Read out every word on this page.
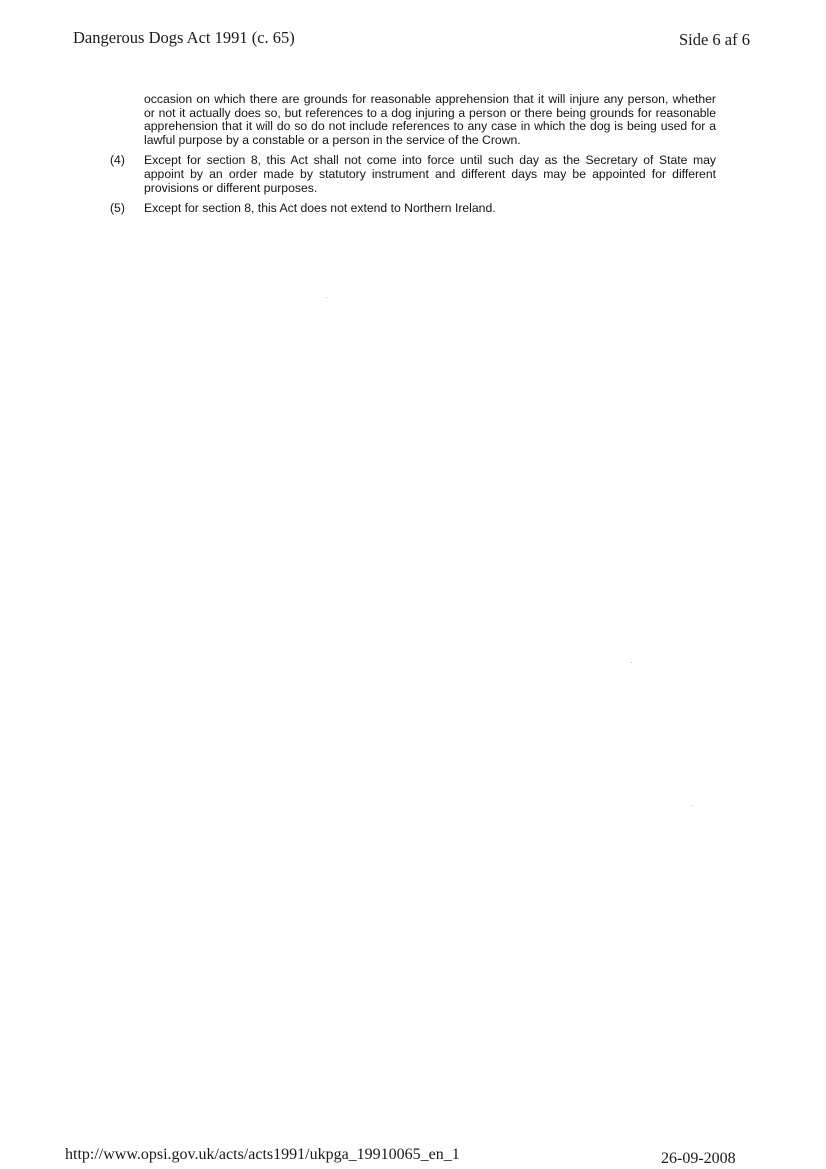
Dangerous Dogs Act 1991 (c. 65)	Side 6 af 6

occasion on which there are grounds for reasonable apprehension that it will injure any person, whether or not it actually does so, but references to a dog injuring a person or there being grounds for reasonable apprehension that it will do so do not include references to any case in which the dog is being used for a lawful purpose by a constable or a person in the service of the Crown.

(4)	Except for section 8, this Act shall not come into force until such day as the Secretary of State may appoint by an order made by statutory instrument and different days may be appointed for different provisions or different purposes.
(5)	Except for section 8, this Act does not extend to Northern Ireland.
http://www.opsi.gov.uk/acts/acts1991/ukpga_19910065_en_1	26-09-2008
